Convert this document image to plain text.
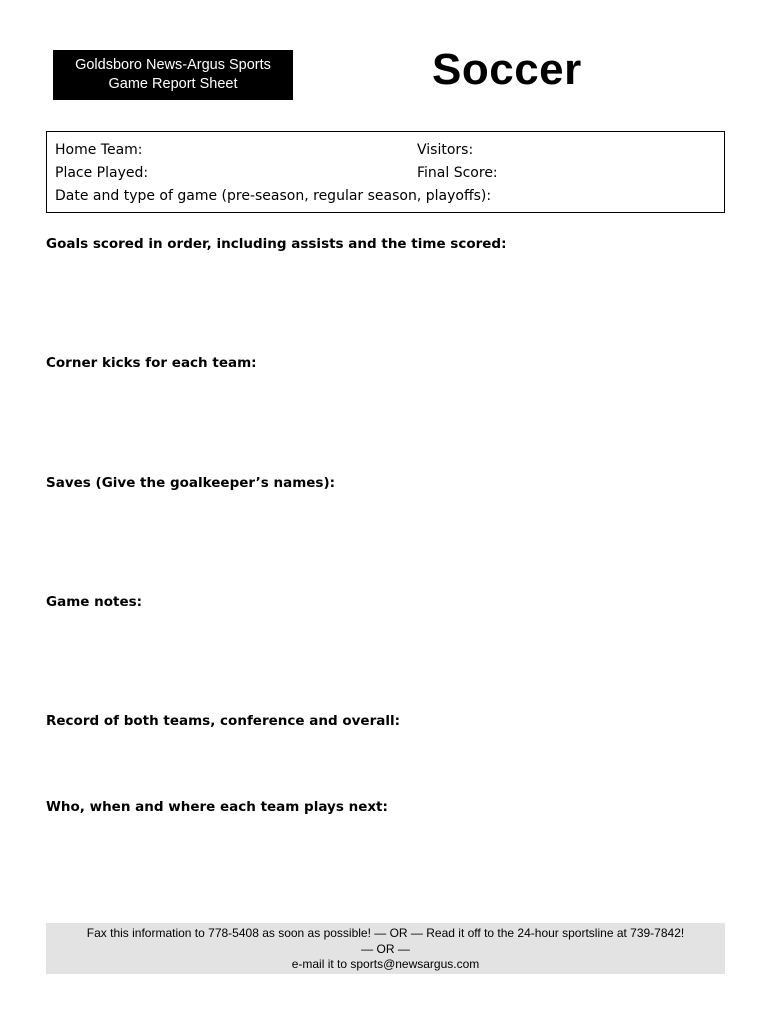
Goldsboro News-Argus Sports
Game Report Sheet	Soccer
Home Team:	Visitors:
Place Played:	Final Score:
Date and type of game (pre-season, regular season, playoffs):
Goals scored in order, including assists and the time scored:
Corner kicks for each team:
Saves (Give the goalkeeper’s names):
Game notes:
Record of both teams, conference and overall:
Who, when and where each team plays next:
Fax this information to 778-5408 as soon as possible! — OR — Read it off to the 24-hour sportsline at 739-7842!
— OR —
e-mail it to sports@newsargus.com
